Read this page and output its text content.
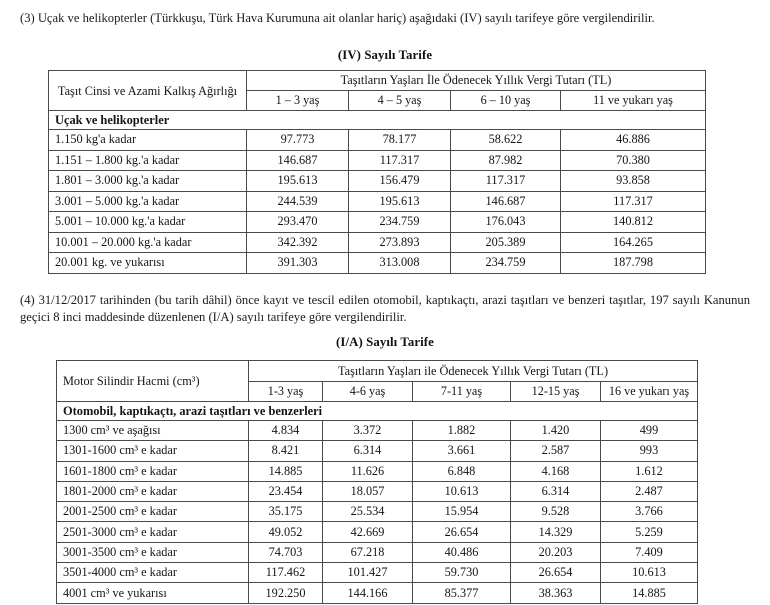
(3) Uçak ve helikopterler (Türkkuşu, Türk Hava Kurumuna ait olanlar hariç) aşağıdaki (IV) sayılı tarifeye göre vergilendirilir.
(IV) Sayılı Tarife
Taşıt Cinsi ve Azami Kalkış Ağırlığı	Taşıtların Yaşları İle Ödenecek Yıllık Vergi Tutarı (TL)			
	1 – 3 yaş	4 – 5 yaş	6 – 10 yaş	11 ve yukarı yaş
Uçak ve helikopterler				
1.150 kg'a kadar	97.773	78.177	58.622	46.886
1.151 – 1.800 kg.'a kadar	146.687	117.317	87.982	70.380
1.801 – 3.000 kg.'a kadar	195.613	156.479	117.317	93.858
3.001 – 5.000 kg.'a kadar	244.539	195.613	146.687	117.317
5.001 – 10.000 kg.'a kadar	293.470	234.759	176.043	140.812
10.001 – 20.000 kg.'a kadar	342.392	273.893	205.389	164.265
20.001 kg. ve yukarısı	391.303	313.008	234.759	187.798
(4) 31/12/2017 tarihinden (bu tarih dâhil) önce kayıt ve tescil edilen otomobil, kaptıkaçtı, arazi taşıtları ve benzeri taşıtlar, 197 sayılı Kanunun geçici 8 inci maddesinde düzenlenen (I/A) sayılı tarifeye göre vergilendirilir.
(I/A) Sayılı Tarife
Motor Silindir Hacmi (cm³)	Taşıtların Yaşları ile Ödenecek Yıllık Vergi Tutarı (TL)				
	1-3 yaş	4-6 yaş	7-11 yaş	12-15 yaş	16 ve yukarı yaş
Otomobil, kaptıkaçtı, arazi taşıtları ve benzerleri					
1300 cm³ ve aşağısı	4.834	3.372	1.882	1.420	499
1301-1600 cm³ e kadar	8.421	6.314	3.661	2.587	993
1601-1800 cm³ e kadar	14.885	11.626	6.848	4.168	1.612
1801-2000 cm³ e kadar	23.454	18.057	10.613	6.314	2.487
2001-2500 cm³ e kadar	35.175	25.534	15.954	9.528	3.766
2501-3000 cm³ e kadar	49.052	42.669	26.654	14.329	5.259
3001-3500 cm³ e kadar	74.703	67.218	40.486	20.203	7.409
3501-4000 cm³ e kadar	117.462	101.427	59.730	26.654	10.613
4001 cm³ ve yukarısı	192.250	144.166	85.377	38.363	14.885
